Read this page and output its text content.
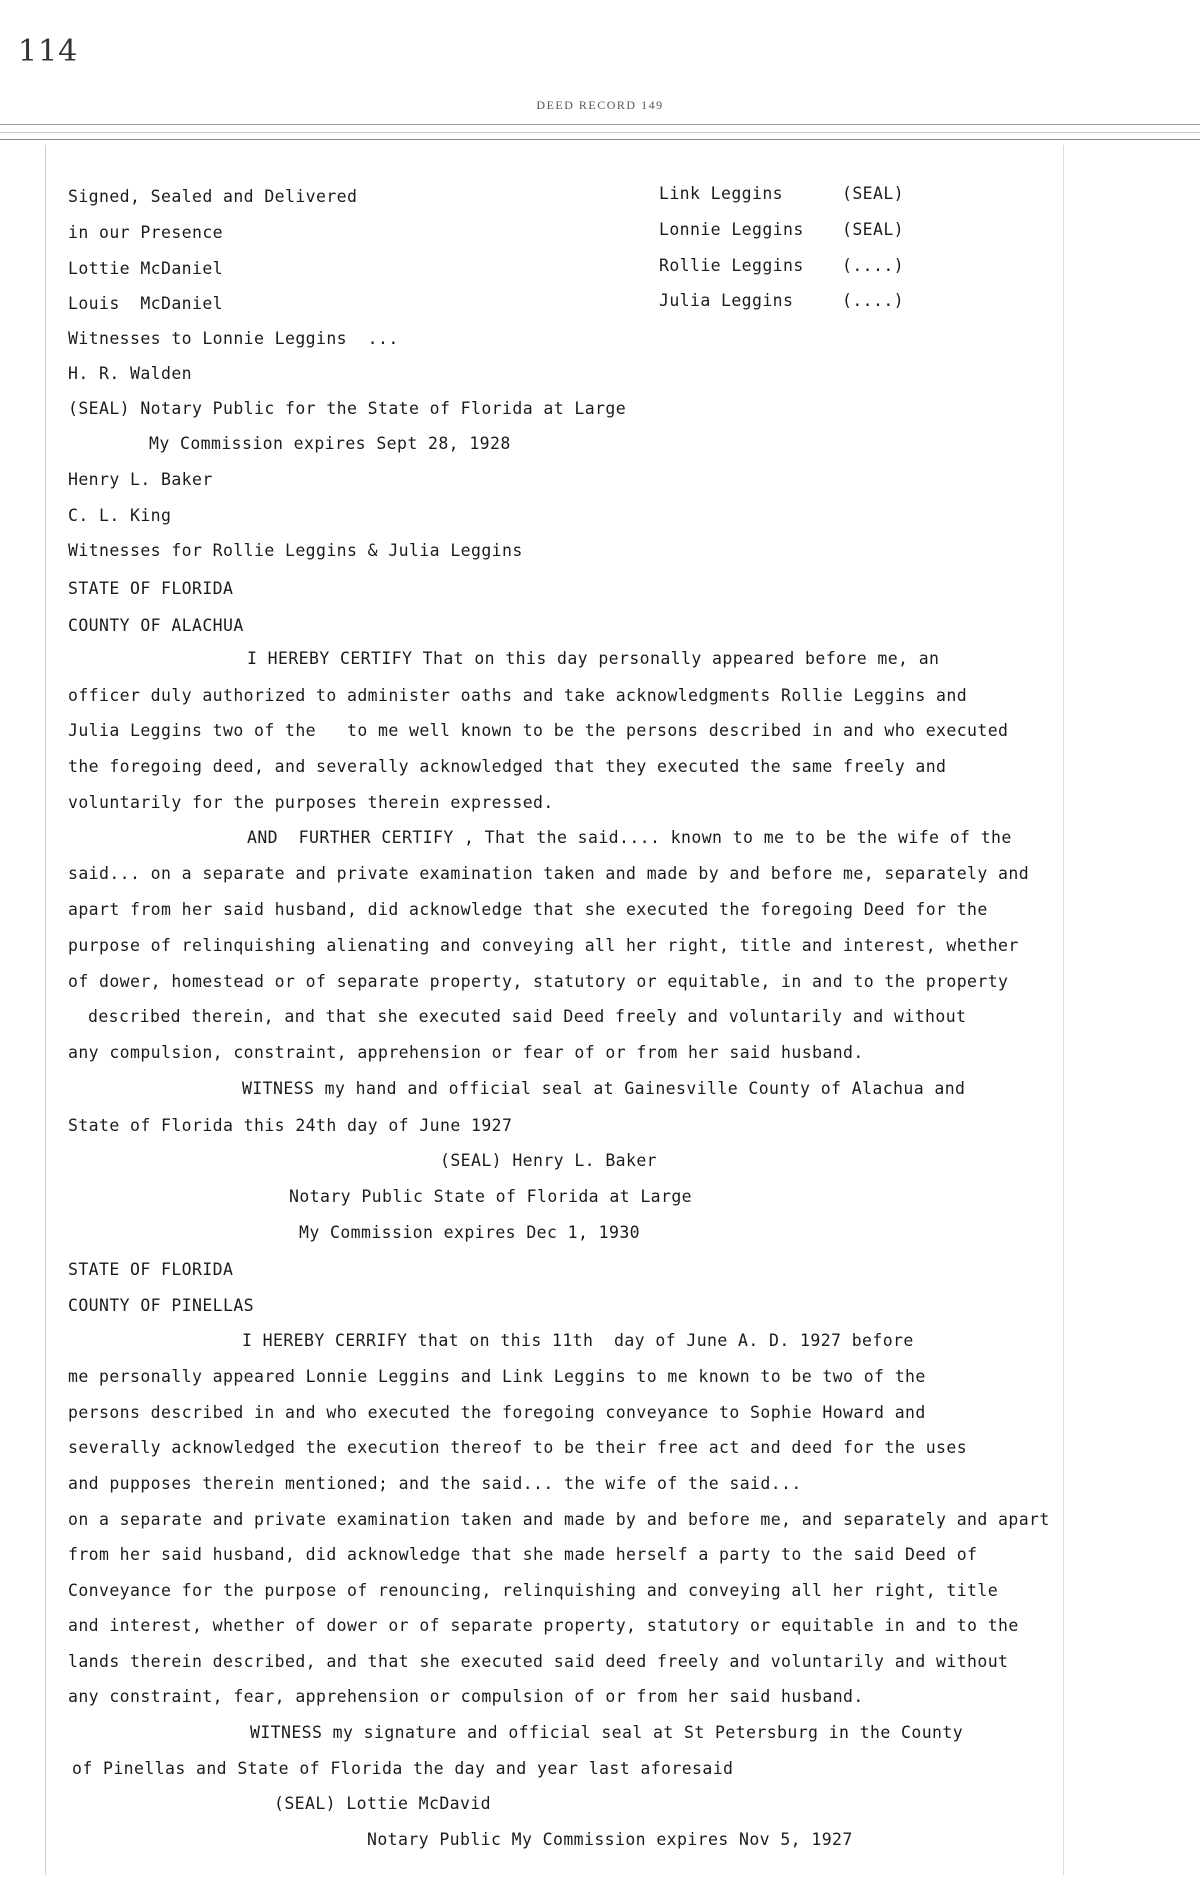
114
DEED RECORD 149
Link Leggins	(SEAL)
Lonnie Leggins (SEAL)
Rollie Leggins (....)
Julia Leggins	(....)
Signed, Sealed and Delivered
in our Presence
Lottie McDaniel
Louis  McDaniel
Witnesses to Lonnie Leggins  ...
H. R. Walden
(SEAL) Notary Public for the State of Florida at Large
My Commission expires Sept 28, 1928
Henry L. Baker
C. L. King
Witnesses for Rollie Leggins & Julia Leggins
STATE OF FLORIDA
COUNTY OF ALACHUA
I HEREBY CERTIFY That on this day personally appeared before me, an
officer duly authorized to administer oaths and take acknowledgments Rollie Leggins and
Julia Leggins two of the   to me well known to be the persons described in and who executed
the foregoing deed, and severally acknowledged that they executed the same freely and
voluntarily for the purposes therein expressed.
AND  FURTHER CERTIFY , That the said.... known to me to be the wife of the
said... on a separate and private examination taken and made by and before me, separately and
apart from her said husband, did acknowledge that she executed the foregoing Deed for the
purpose of relinquishing alienating and conveying all her right, title and interest, whether
of dower, homestead or of separate property, statutory or equitable, in and to the property
described therein, and that she executed said Deed freely and voluntarily and without
any compulsion, constraint, apprehension or fear of or from her said husband.
WITNESS my hand and official seal at Gainesville County of Alachua and
State of Florida this 24th day of June 1927
(SEAL) Henry L. Baker
Notary Public State of Florida at Large
My Commission expires Dec 1, 1930
STATE OF FLORIDA
COUNTY OF PINELLAS
I HEREBY CERRIFY that on this 11th  day of June A. D. 1927 before
me personally appeared Lonnie Leggins and Link Leggins to me known to be two of the
persons described in and who executed the foregoing conveyance to Sophie Howard and
severally acknowledged the execution thereof to be their free act and deed for the uses
and pupposes therein mentioned; and the said... the wife of the said...
on a separate and private examination taken and made by and before me, and separately and apart
from her said husband, did acknowledge that she made herself a party to the said Deed of
Conveyance for the purpose of renouncing, relinquishing and conveying all her right, title
and interest, whether of dower or of separate property, statutory or equitable in and to the
lands therein described, and that she executed said deed freely and voluntarily and without
any constraint, fear, apprehension or compulsion of or from her said husband.
WITNESS my signature and official seal at St Petersburg in the County
of Pinellas and State of Florida the day and year last aforesaid
(SEAL) Lottie McDavid
Notary Public My Commission expires Nov 5, 1927
